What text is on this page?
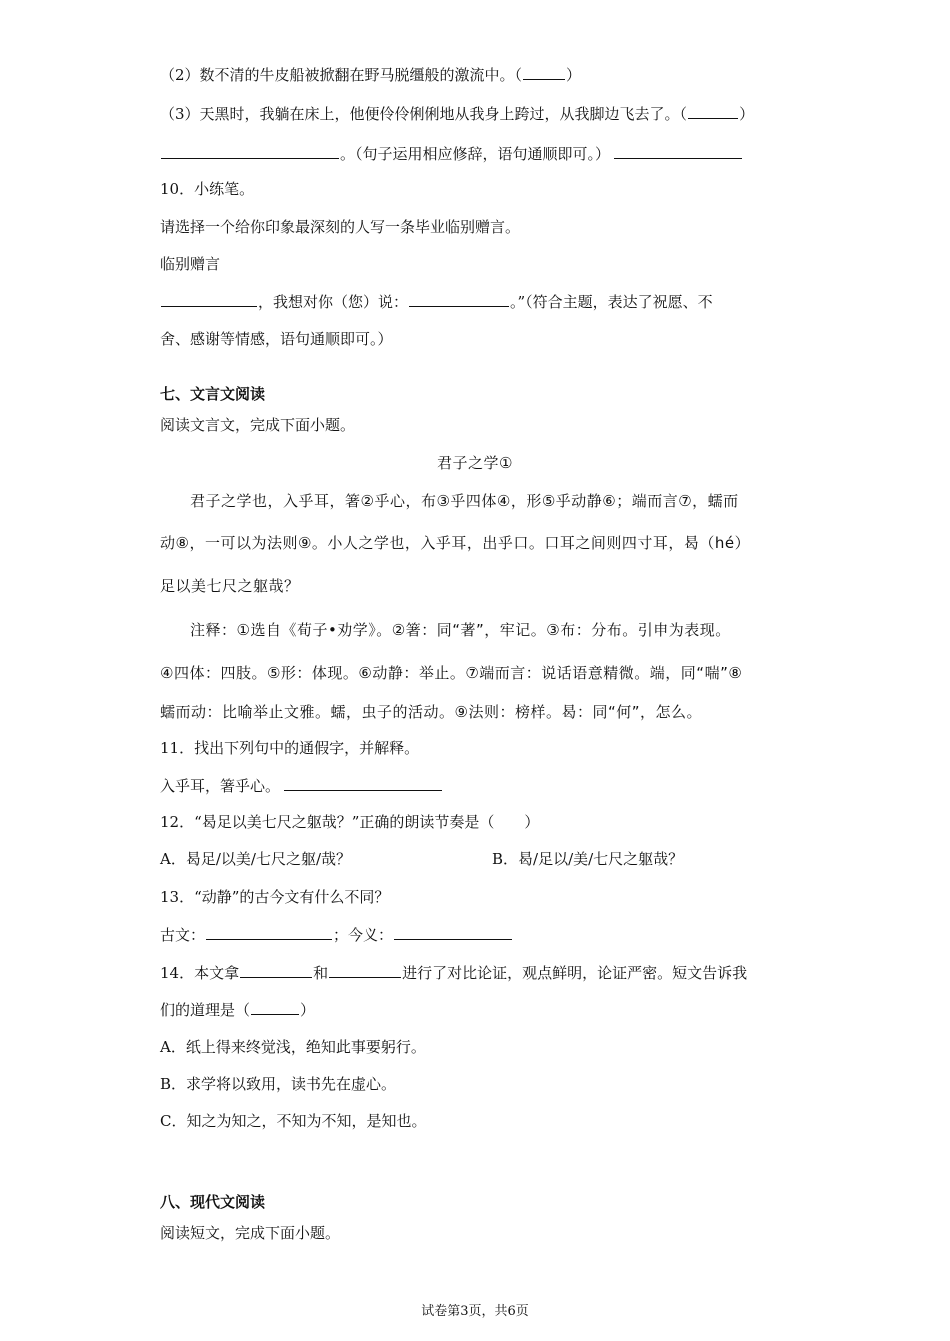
（2）数不清的牛皮船被掀翻在野马脱缰般的激流中。（	）
（3）天黑时，我躺在床上，他便伶伶俐俐地从我身上跨过，从我脚边飞去了。（	）
。（句子运用相应修辞，语句通顺即可。）
10．小练笔。
请选择一个给你印象最深刻的人写一条毕业临别赠言。
临别赠言
，我想对你（您）说：	。”（符合主题，表达了祝愿、不
舍、感谢等情感，语句通顺即可。）
七、文言文阅读
阅读文言文，完成下面小题。
君子之学①
君子之学也，入乎耳，箸②乎心，布③乎四体④，形⑤乎动静⑥；端而言⑦，蠕而
动⑧，一可以为法则⑨。小人之学也，入乎耳，出乎口。口耳之间则四寸耳，曷（hé）
足以美七尺之躯哉？
注释：①选自《荀子•劝学》。②箸：同“著”，牢记。③布：分布。引申为表现。
④四体：四肢。⑤形：体现。⑥动静：举止。⑦端而言：说话语意精微。端，同“喘”⑧
蠕而动：比喻举止文雅。蠕，虫子的活动。⑨法则：榜样。曷：同“何”，怎么。
11．找出下列句中的通假字，并解释。
入乎耳，箸乎心。
12．“曷足以美七尺之躯哉？”正确的朗读节奏是（　　）
A．曷足/以美/七尺之躯/哉？	B．曷/足以/美/七尺之躯哉？
13．“动静”的古今文有什么不同？
古文：	；今义：
14．本文拿	和	进行了对比论证，观点鲜明，论证严密。短文告诉我
们的道理是（	）
A．纸上得来终觉浅，绝知此事要躬行。
B．求学将以致用，读书先在虚心。
C．知之为知之，不知为不知，是知也。
八、现代文阅读
阅读短文，完成下面小题。
试卷第3页，共6页
